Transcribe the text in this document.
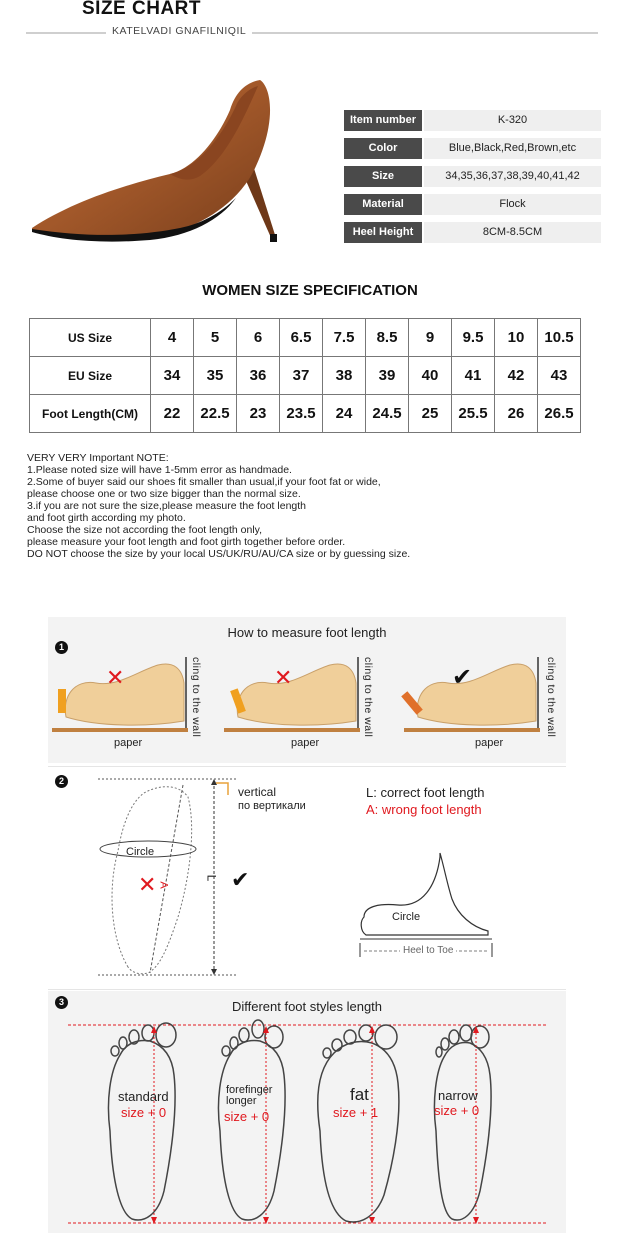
SIZE CHART
KATELVADI GNAFILNIQIL
Item number	K-320
Color	Blue,Black,Red,Brown,etc
Size	34,35,36,37,38,39,40,41,42
Material	Flock
Heel Height	8CM-8.5CM
WOMEN SIZE SPECIFICATION
US Size	4	5	6	6.5	7.5	8.5	9	9.5	10	10.5
EU Size	34	35	36	37	38	39	40	41	42	43
Foot Length(CM)	22	22.5	23	23.5	24	24.5	25	25.5	26	26.5
VERY VERY Important NOTE:
1.Please noted size will have 1-5mm error as handmade.
2.Some of buyer said our shoes fit smaller than usual,if your foot fat or wide,
please choose one or two size bigger than the normal size.
3.if you are not sure the size,please measure the foot length
and foot girth according my photo.
Choose the size not according the foot length only,
please measure your foot length and foot girth together before order.
DO NOT choose the size by your local US/UK/RU/AU/CA size or by guessing size.
How to measure foot length
1
✕	✕	✔
paper	paper	paper
cling to the wall	cling to the wall	cling to the wall
2
✕	✔
vertical
по вертикали
L: correct foot length
A: wrong foot length
Circle
A
L
Circle
Heel to Toe
3	Different foot styles length
standard
size + 0
forefinger
longer
size + 0
fat
size + 1
narrow
size + 0
